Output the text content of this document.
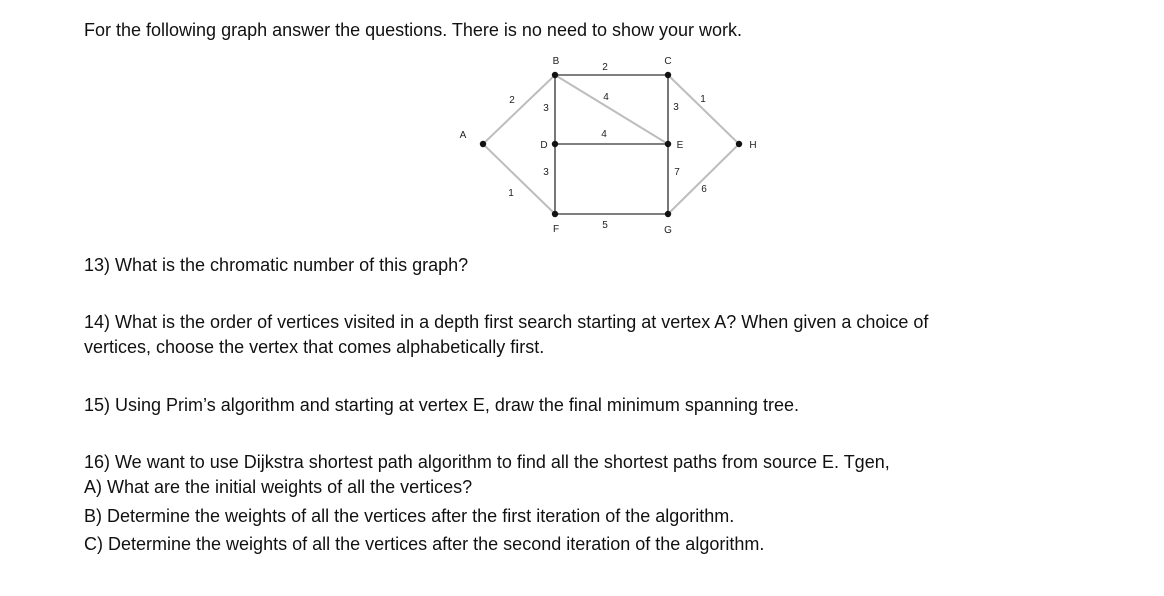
For the following graph answer the questions. There is no need to show your work.
2
1
2
3
4
3
1
4
3	7
5
6
A
B	C
D	E
F	G
H
13) What is the chromatic number of this graph?
14) What is the order of vertices visited in a depth first search starting at vertex A? When given a choice of
vertices, choose the vertex that comes alphabetically first.
15) Using Prim’s algorithm and starting at vertex E, draw the final minimum spanning tree.
16) We want to use Dijkstra shortest path algorithm to find all the shortest paths from source E. Tgen,
A) What are the initial weights of all the vertices?
B) Determine the weights of all the vertices after the first iteration of the algorithm.
C) Determine the weights of all the vertices after the second iteration of the algorithm.
